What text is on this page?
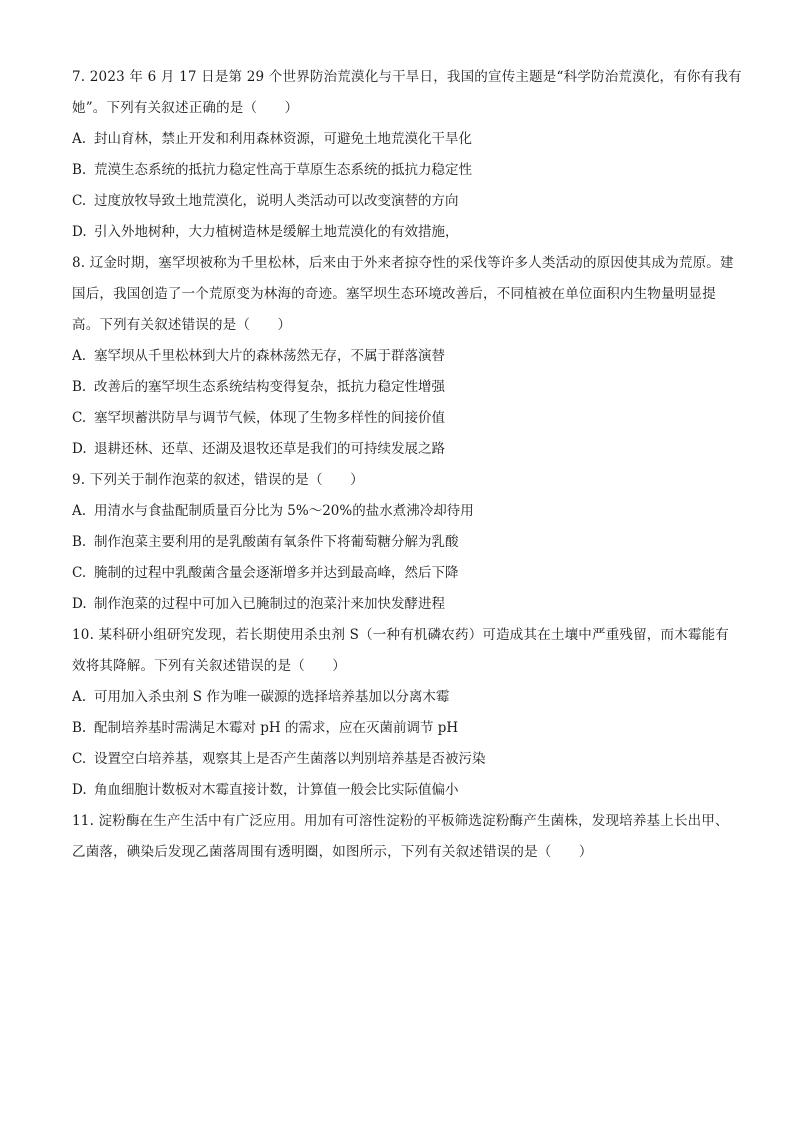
7. 2023 年 6 月 17 日是第 29 个世界防治荒漠化与干旱日，我国的宣传主题是“科学防治荒漠化，有你有我有她”。下列有关叙述正确的是（　　）

A. 封山育林，禁止开发和利用森林资源，可避免土地荒漠化干旱化

B. 荒漠生态系统的抵抗力稳定性高于草原生态系统的抵抗力稳定性

C. 过度放牧导致土地荒漠化，说明人类活动可以改变演替的方向

D. 引入外地树种，大力植树造林是缓解土地荒漠化的有效措施，

8. 辽金时期，塞罕坝被称为千里松林，后来由于外来者掠夺性的采伐等许多人类活动的原因使其成为荒原。建国后，我国创造了一个荒原变为林海的奇迹。塞罕坝生态环境改善后，不同植被在单位面积内生物量明显提高。下列有关叙述错误的是（　　）

A. 塞罕坝从千里松林到大片的森林荡然无存，不属于群落演替

B. 改善后的塞罕坝生态系统结构变得复杂，抵抗力稳定性增强

C. 塞罕坝蓄洪防旱与调节气候，体现了生物多样性的间接价值

D. 退耕还林、还草、还湖及退牧还草是我们的可持续发展之路

9. 下列关于制作泡菜的叙述，错误的是（　　）

A. 用清水与食盐配制质量百分比为 5%～20%的盐水煮沸冷却待用

B. 制作泡菜主要利用的是乳酸菌有氧条件下将葡萄糖分解为乳酸

C. 腌制的过程中乳酸菌含量会逐渐增多并达到最高峰，然后下降

D. 制作泡菜的过程中可加入已腌制过的泡菜汁来加快发酵进程

10. 某科研小组研究发现，若长期使用杀虫剂 S（一种有机磷农药）可造成其在土壤中严重残留，而木霉能有效将其降解。下列有关叙述错误的是（　　）

A. 可用加入杀虫剂 S 作为唯一碳源的选择培养基加以分离木霉

B. 配制培养基时需满足木霉对 pH 的需求，应在灭菌前调节 pH

C. 设置空白培养基，观察其上是否产生菌落以判别培养基是否被污染

D. 角血细胞计数板对木霉直接计数，计算值一般会比实际值偏小

11. 淀粉酶在生产生活中有广泛应用。用加有可溶性淀粉的平板筛选淀粉酶产生菌株，发现培养基上长出甲、乙菌落，碘染后发现乙菌落周围有透明圈，如图所示，下列有关叙述错误的是（　　）
